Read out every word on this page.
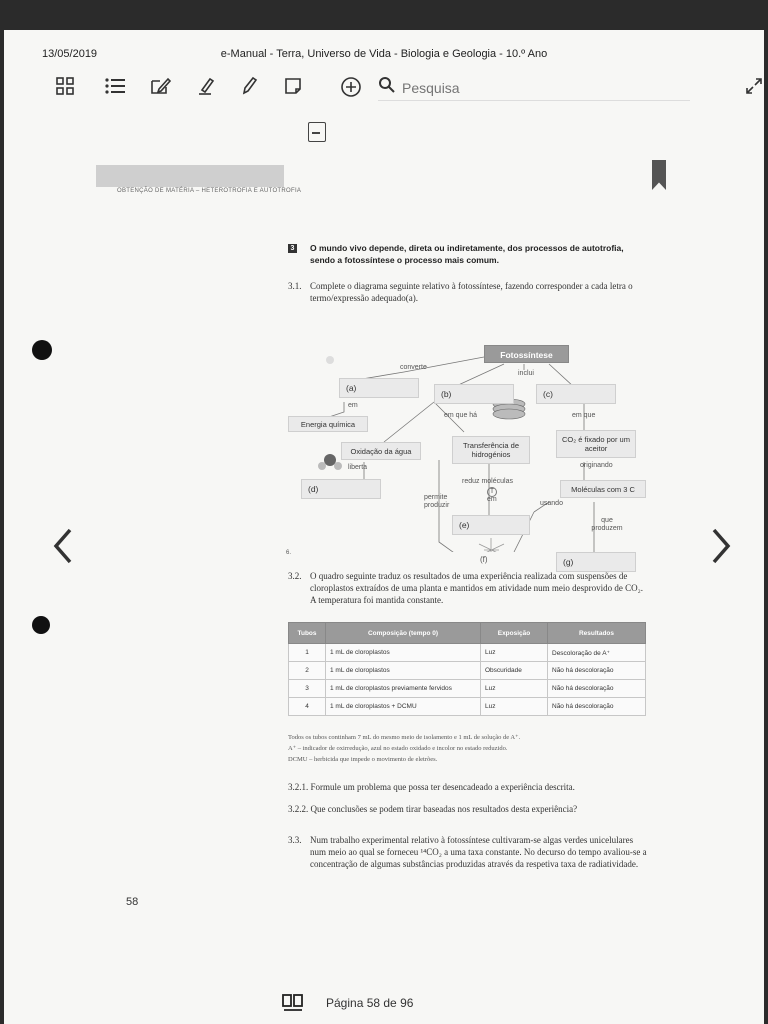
13/05/2019	e-Manual - Terra, Universo de Vida - Biologia e Geologia - 10.º Ano
Pesquisa
OBTENÇÃO DE MATÉRIA – HETEROTROFIA E AUTOTROFIA
3 O mundo vivo depende, direta ou indiretamente, dos processos de autotrofia, sendo a fotossíntese o processo mais comum.
3.1. Complete o diagrama seguinte relativo à fotossíntese, fazendo corresponder a cada letra o termo/expressão adequado(a).
Fotossíntese
converte
inclui
(a)
(b)	(c)
em
em que há	em que
Energia química
Oxidação da água
Transferência de hidrogénios
CO₂ é fixado por um aceitor
liberta	originando
(d)	Moléculas com 3 C
reduz moléculas
T
em
permite produzir	usando
(e)	que produzem
(f)	(g)
6.
3.2. O quadro seguinte traduz os resultados de uma experiência realizada com suspensões de cloroplastos extraídos de uma planta e mantidos em atividade num meio desprovido de CO₂. A temperatura foi mantida constante.
Tubos	Composição (tempo 0)	Exposição	Resultados
1	1 mL de cloroplastos	Luz	Descoloração de A⁺
2	1 mL de cloroplastos	Obscuridade	Não há descoloração
3	1 mL de cloroplastos previamente fervidos	Luz	Não há descoloração
4	1 mL de cloroplastos + DCMU	Luz	Não há descoloração
Todos os tubos continham 7 mL do mesmo meio de isolamento e 1 mL de solução de A⁺.
A⁺ – indicador de oxirredução, azul no estado oxidado e incolor no estado reduzido.
DCMU – herbicida que impede o movimento de eletrões.
3.2.1. Formule um problema que possa ter desencadeado a experiência descrita.
3.2.2. Que conclusões se podem tirar baseadas nos resultados desta experiência?
3.3. Num trabalho experimental relativo à fotossíntese cultivaram-se algas verdes unicelulares num meio ao qual se forneceu ¹⁴CO₂ a uma taxa constante. No decurso do tempo avaliou-se a concentração de algumas substâncias produzidas através da respetiva taxa de radiatividade.
58
Página 58 de 96
